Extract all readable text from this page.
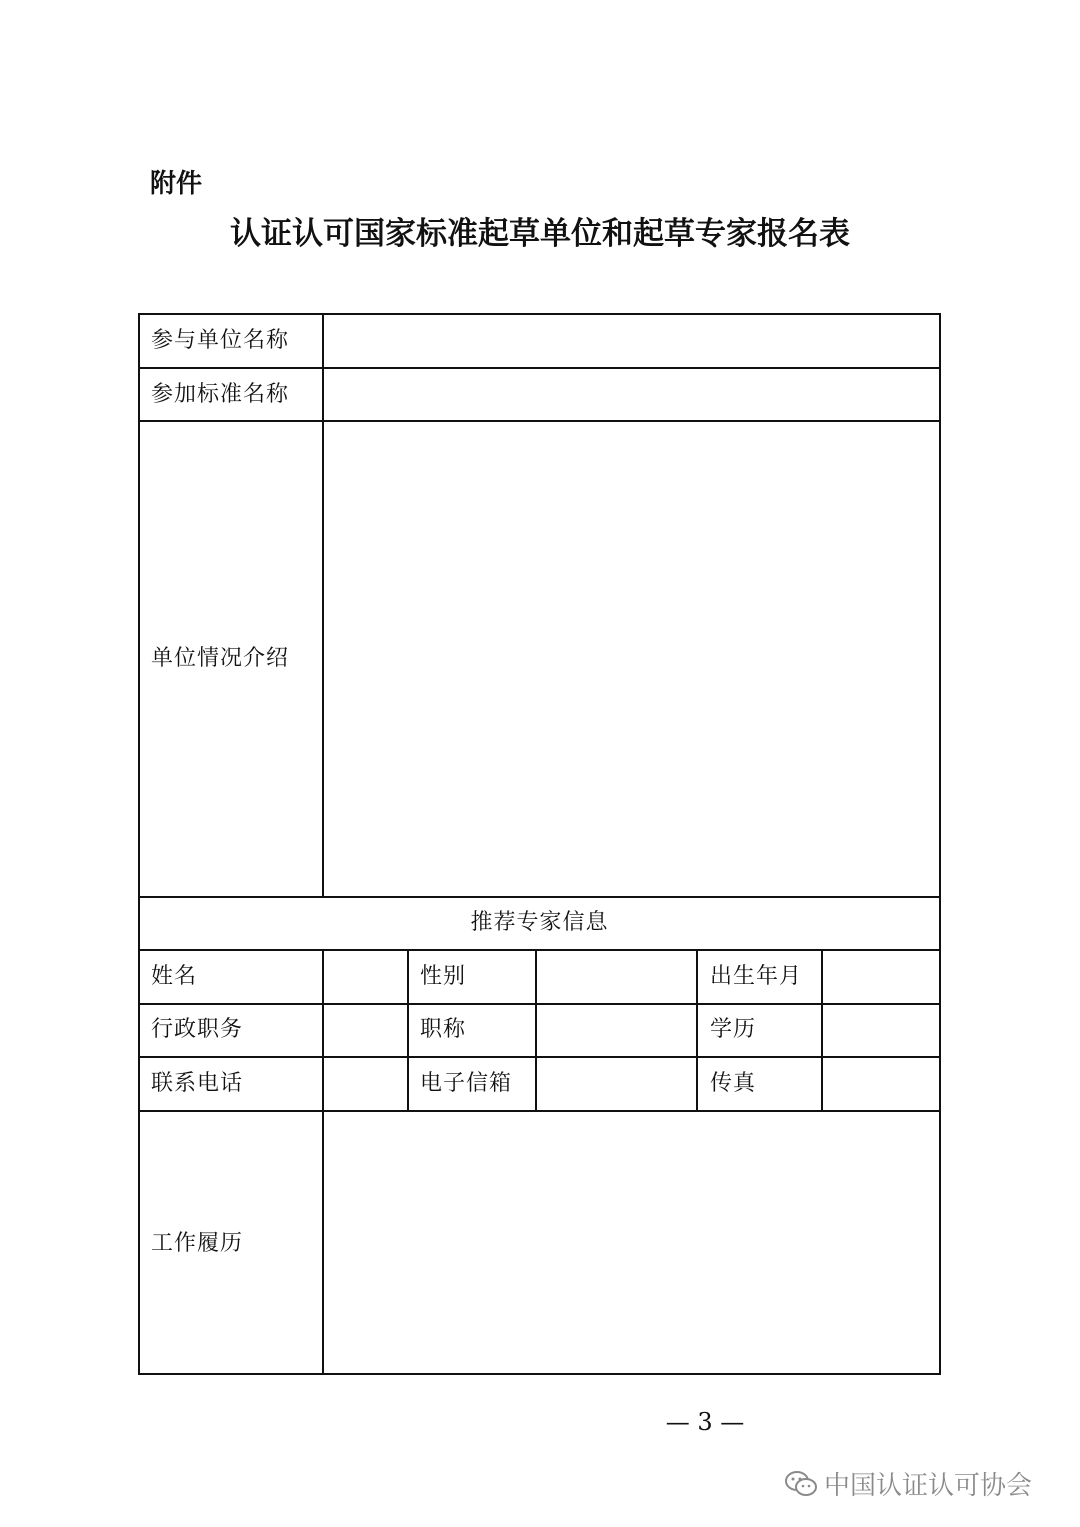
附件
认证认可国家标准起草单位和起草专家报名表
参与单位名称
参加标准名称
单位情况介绍
推荐专家信息
姓名	性别	出生年月
行政职务	职称	学历
联系电话	电子信箱	传真
工作履历
— 3 —
中国认证认可协会
